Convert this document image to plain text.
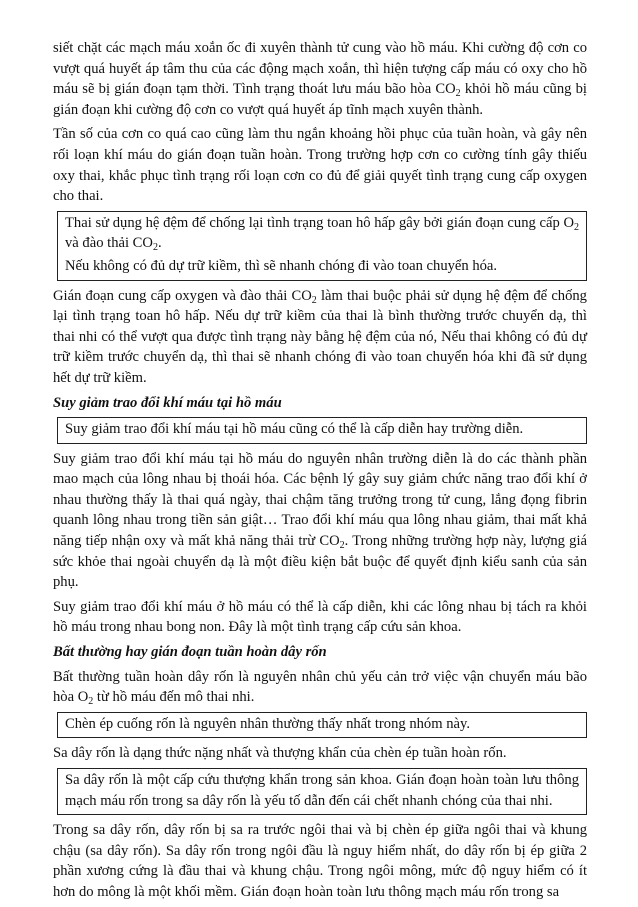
siết chặt các mạch máu xoắn ốc đi xuyên thành tử cung vào hồ máu. Khi cường độ cơn co vượt quá huyết áp tâm thu của các động mạch xoắn, thì hiện tượng cấp máu có oxy cho hồ máu sẽ bị gián đoạn tạm thời. Tình trạng thoát lưu máu bão hòa $CO_2$ khỏi hồ máu cũng bị gián đoạn khi cường độ cơn co vượt quá huyết áp tĩnh mạch xuyên thành.

Tần số của cơn co quá cao cũng làm thu ngắn khoảng hồi phục của tuần hoàn, và gây nên rối loạn khí máu do gián đoạn tuần hoàn. Trong trường hợp cơn co cường tính gây thiếu oxy thai, khắc phục tình trạng rối loạn cơn co đủ để giải quyết tình trạng cung cấp oxygen cho thai.

Thai sử dụng hệ đệm để chống lại tình trạng toan hô hấp gây bởi gián đoạn cung cấp $O_2$ và đào thải $CO_2$.

Nếu không có đủ dự trữ kiềm, thì sẽ nhanh chóng đi vào toan chuyển hóa.

Gián đoạn cung cấp oxygen và đào thải $CO_2$ làm thai buộc phải sử dụng hệ đệm để chống lại tình trạng toan hô hấp. Nếu dự trữ kiềm của thai là bình thường trước chuyển dạ, thì thai nhi có thể vượt qua được tình trạng này bằng hệ đệm của nó, Nếu thai không có đủ dự trữ kiềm trước chuyển dạ, thì thai sẽ nhanh chóng đi vào toan chuyển hóa khi đã sử dụng hết dự trữ kiềm.

Suy giảm trao đổi khí máu tại hồ máu

Suy giảm trao đổi khí máu tại hồ máu cũng có thể là cấp diễn hay trường diễn.

Suy giảm trao đổi khí máu tại hồ máu do nguyên nhân trường diễn là do các thành phần mao mạch của lông nhau bị thoái hóa. Các bệnh lý gây suy giảm chức năng trao đổi khí ở nhau thường thấy là thai quá ngày, thai chậm tăng trưởng trong tử cung, lắng đọng fibrin quanh lông nhau trong tiền sản giật… Trao đổi khí máu qua lông nhau giảm, thai mất khả năng tiếp nhận oxy và mất khả năng thải trừ $CO_2$. Trong những trường hợp này, lượng giá sức khỏe thai ngoài chuyển dạ là một điều kiện bắt buộc để quyết định kiểu sanh của sản phụ.

Suy giảm trao đổi khí máu ở hồ máu có thể là cấp diễn, khi các lông nhau bị tách ra khỏi hồ máu trong nhau bong non. Đây là một tình trạng cấp cứu sản khoa.

Bất thường hay gián đoạn tuần hoàn dây rốn

Bất thường tuần hoàn dây rốn là nguyên nhân chủ yếu cản trở việc vận chuyển máu bão hòa $O_2$ từ hồ máu đến mô thai nhi.

Chèn ép cuống rốn là nguyên nhân thường thấy nhất trong nhóm này.

Sa dây rốn là dạng thức nặng nhất và thượng khẩn của chèn ép tuần hoàn rốn.

Sa dây rốn là một cấp cứu thượng khẩn trong sản khoa. Gián đoạn hoàn toàn lưu thông mạch máu rốn trong sa dây rốn là yếu tố dẫn đến cái chết nhanh chóng của thai nhi.

Trong sa dây rốn, dây rốn bị sa ra trước ngôi thai và bị chèn ép giữa ngôi thai và khung chậu (sa dây rốn). Sa dây rốn trong ngôi đầu là nguy hiểm nhất, do dây rốn bị ép giữa 2 phần xương cứng là đầu thai và khung chậu. Trong ngôi mông, mức độ nguy hiểm có ít hơn do mông là một khối mềm. Gián đoạn hoàn toàn lưu thông mạch máu rốn trong sa
